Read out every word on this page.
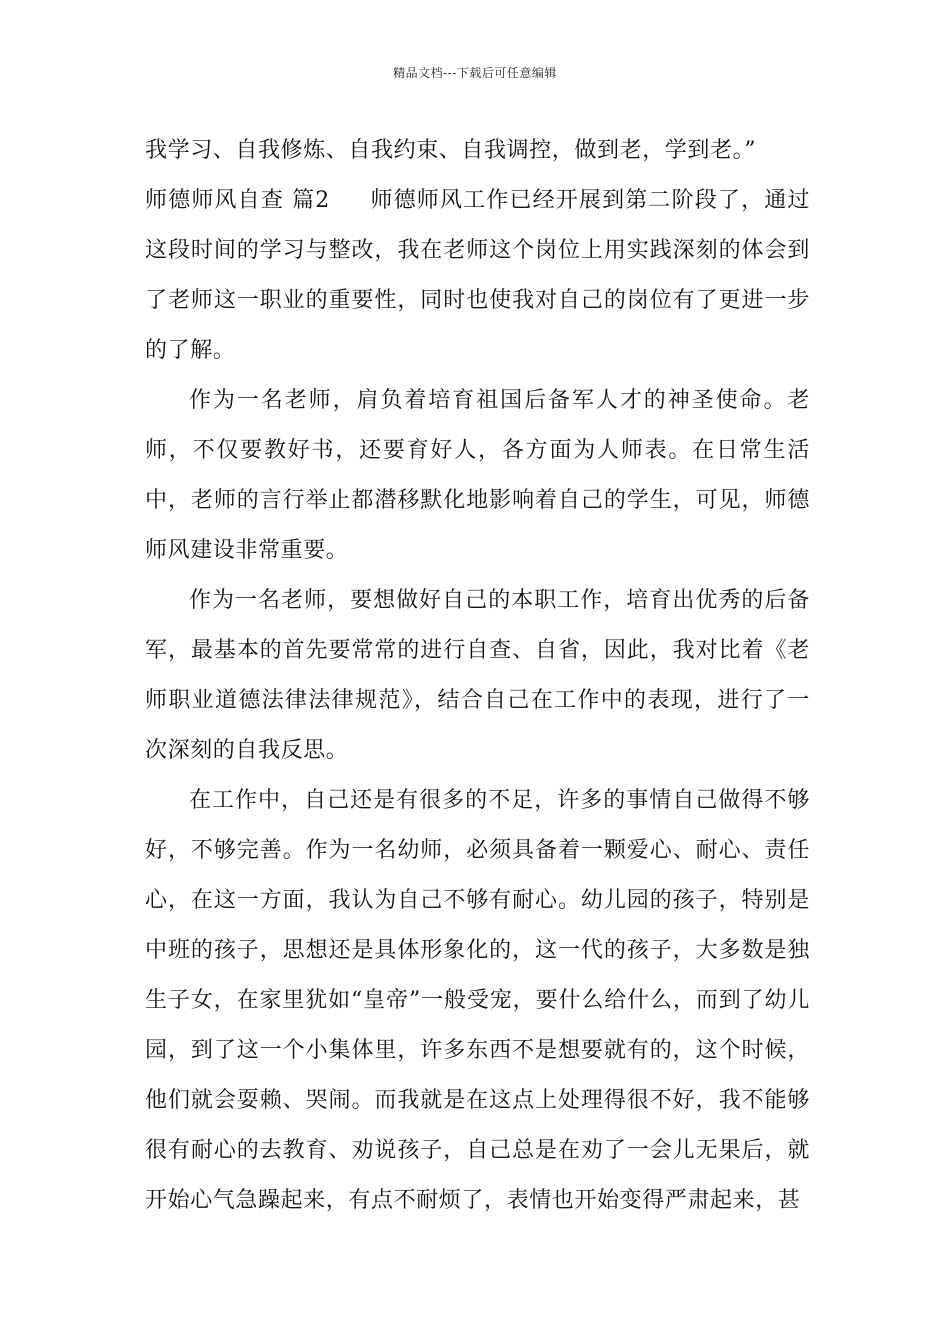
精品文档---下载后可任意编辑

我学习、自我修炼、自我约束、自我调控，做到老，学到老。”

师德师风自查 篇2 师德师风工作已经开展到第二阶段了，通过这段时间的学习与整改，我在老师这个岗位上用实践深刻的体会到了老师这一职业的重要性，同时也使我对自己的岗位有了更进一步的了解。

作为一名老师，肩负着培育祖国后备军人才的神圣使命。老师，不仅要教好书，还要育好人，各方面为人师表。在日常生活中，老师的言行举止都潜移默化地影响着自己的学生，可见，师德师风建设非常重要。

作为一名老师，要想做好自己的本职工作，培育出优秀的后备军，最基本的首先要常常的进行自查、自省，因此，我对比着《老师职业道德法律法律规范》，结合自己在工作中的表现，进行了一次深刻的自我反思。

在工作中，自己还是有很多的不足，许多的事情自己做得不够好，不够完善。作为一名幼师，必须具备着一颗爱心、耐心、责任心，在这一方面，我认为自己不够有耐心。幼儿园的孩子，特别是中班的孩子，思想还是具体形象化的，这一代的孩子，大多数是独生子女，在家里犹如“皇帝”一般受宠，要什么给什么，而到了幼儿园，到了这一个小集体里，许多东西不是想要就有的，这个时候，他们就会耍赖、哭闹。而我就是在这点上处理得很不好，我不能够很有耐心的去教育、劝说孩子，自己总是在劝了一会儿无果后，就开始心气急躁起来，有点不耐烦了，表情也开始变得严肃起来，甚
